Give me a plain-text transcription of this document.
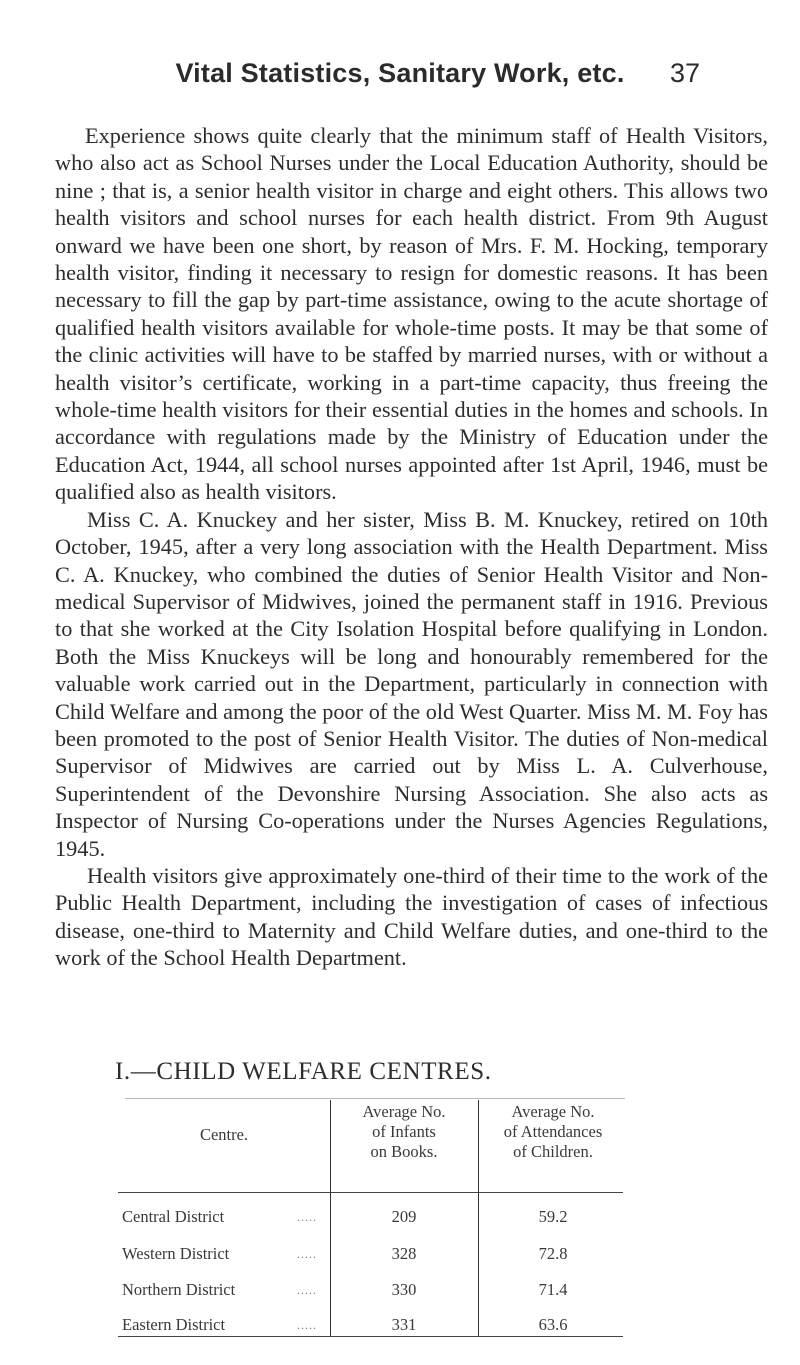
Vital Statistics, Sanitary Work, etc.	37

Experience shows quite clearly that the minimum staff of Health Visitors, who also act as School Nurses under the Local Education Authority, should be nine ; that is, a senior health visitor in charge and eight others. This allows two health visitors and school nurses for each health district. From 9th August onward we have been one short, by reason of Mrs. F. M. Hocking, temporary health visitor, finding it necessary to resign for domestic reasons. It has been necessary to fill the gap by part-time assistance, owing to the acute shortage of qualified health visitors available for whole-time posts. It may be that some of the clinic activities will have to be staffed by married nurses, with or without a health visitor’s certificate, working in a part-time capacity, thus freeing the whole-time health visitors for their essential duties in the homes and schools. In accordance with regulations made by the Ministry of Education under the Education Act, 1944, all school nurses appointed after 1st April, 1946, must be qualified also as health visitors.

Miss C. A. Knuckey and her sister, Miss B. M. Knuckey, retired on 10th October, 1945, after a very long association with the Health Department. Miss C. A. Knuckey, who combined the duties of Senior Health Visitor and Non-medical Supervisor of Midwives, joined the permanent staff in 1916. Previous to that she worked at the City Isolation Hospital before qualifying in London. Both the Miss Knuckeys will be long and honourably remembered for the valuable work carried out in the Department, particularly in connection with Child Welfare and among the poor of the old West Quarter. Miss M. M. Foy has been promoted to the post of Senior Health Visitor. The duties of Non-medical Supervisor of Midwives are carried out by Miss L. A. Culverhouse, Superintendent of the Devonshire Nursing Association. She also acts as Inspector of Nursing Co-operations under the Nurses Agencies Regulations, 1945.

Health visitors give approximately one-third of their time to the work of the Public Health Department, including the investigation of cases of infectious disease, one-third to Maternity and Child Welfare duties, and one-third to the work of the School Health Department.

I.—CHILD WELFARE CENTRES.
Centre.
Average No.
of Infants
on Books.
Average No.
of Attendances
of Children.
Central District	.....	209	59.2
Western District	.....	328	72.8
Northern District	.....	330	71.4
Eastern District	.....	331	63.6
